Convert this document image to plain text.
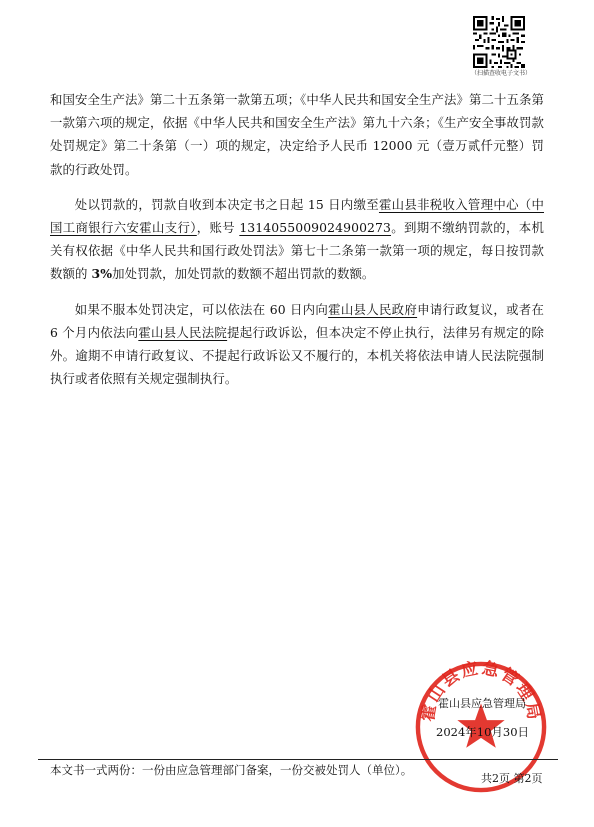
（扫描查收电子文书）

和国安全生产法》第二十五条第一款第五项；《中华人民共和国安全生产法》第二十五条第一款第六项的规定，依据《中华人民共和国安全生产法》第九十六条；《生产安全事故罚款处罚规定》第二十条第（一）项的规定，决定给予人民币 12000 元（壹万贰仟元整）罚款的行政处罚。

处以罚款的，罚款自收到本决定书之日起 15 日内缴至霍山县非税收入管理中心（中国工商银行六安霍山支行），账号 1314055009024900273。到期不缴纳罚款的，本机关有权依据《中华人民共和国行政处罚法》第七十二条第一款第一项的规定，每日按罚款数额的 3%加处罚款，加处罚款的数额不超出罚款的数额。

如果不服本处罚决定，可以依法在 60 日内向霍山县人民政府申请行政复议，或者在 6 个月内依法向霍山县人民法院提起行政诉讼，但本决定不停止执行，法律另有规定的除外。逾期不申请行政复议、不提起行政诉讼又不履行的，本机关将依法申请人民法院强制执行或者依照有关规定强制执行。

霍山县应急管理局
霍山县应急管理局
2024年10月30日
本文书一式两份：一份由应急管理部门备案，一份交被处罚人（单位）。
共2页 第2页
